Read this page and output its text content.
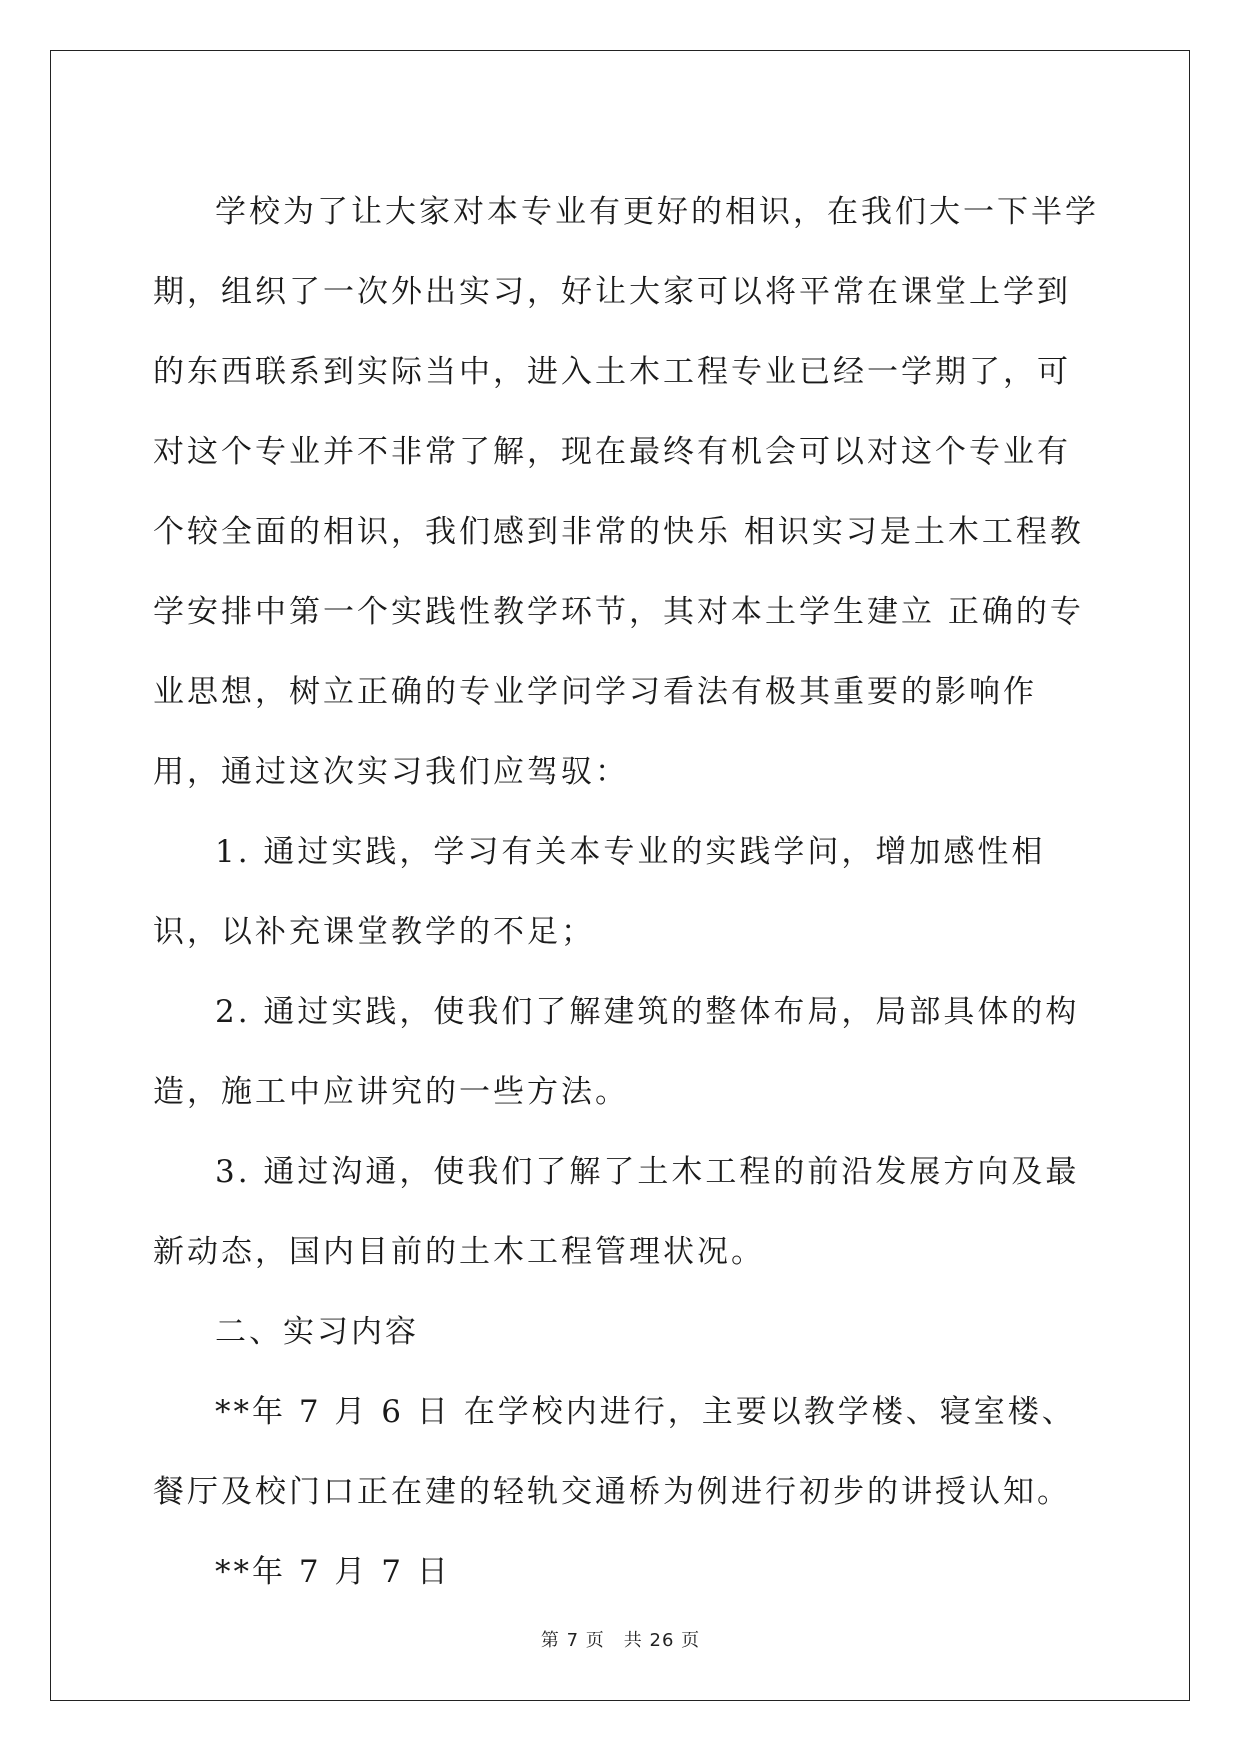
学校为了让大家对本专业有更好的相识，在我们大一下半学期，组织了一次外出实习，好让大家可以将平常在课堂上学到的东西联系到实际当中，进入土木工程专业已经一学期了，可对这个专业并不非常了解，现在最终有机会可以对这个专业有个较全面的相识，我们感到非常的快乐 相识实习是土木工程教学安排中第一个实践性教学环节，其对本土学生建立 正确的专业思想，树立正确的专业学问学习看法有极其重要的影响作用，通过这次实习我们应驾驭：

1. 通过实践，学习有关本专业的实践学问，增加感性相识，以补充课堂教学的不足；

2. 通过实践，使我们了解建筑的整体布局，局部具体的构造，施工中应讲究的一些方法。

3. 通过沟通，使我们了解了土木工程的前沿发展方向及最新动态，国内目前的土木工程管理状况。

二、实习内容

**年 7 月 6 日 在学校内进行，主要以教学楼、寝室楼、餐厅及校门口正在建的轻轨交通桥为例进行初步的讲授认知。

**年 7 月 7 日

第 7 页　共 26 页
